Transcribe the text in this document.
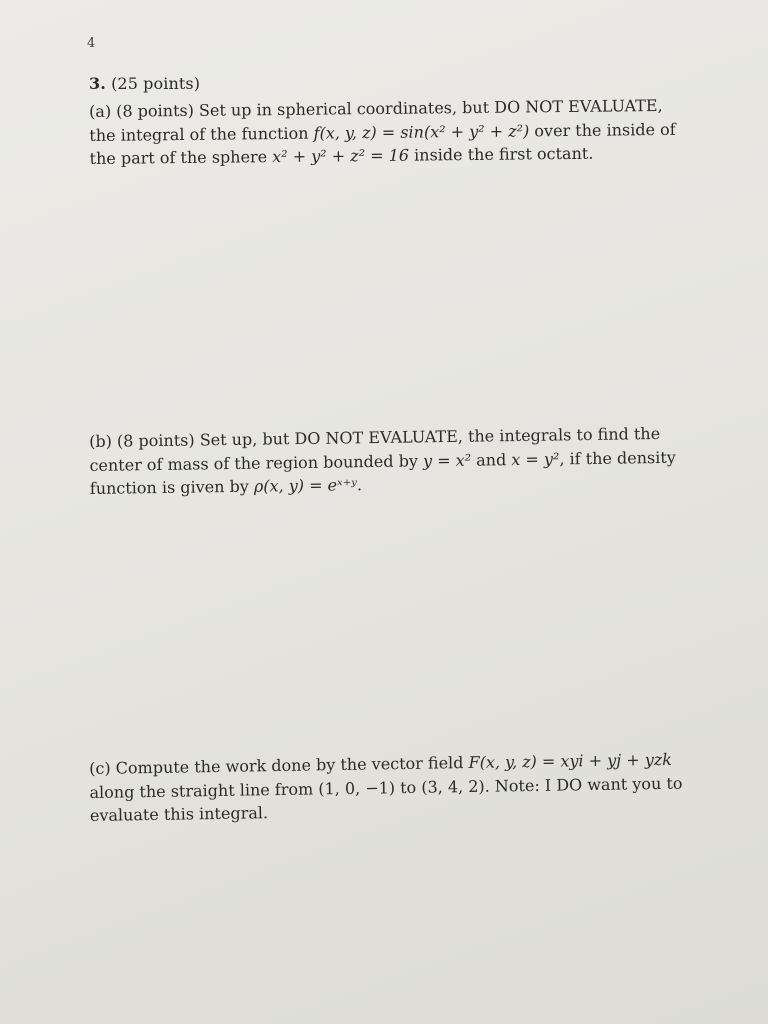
4
3. (25 points)
(a) (8 points) Set up in spherical coordinates, but DO NOT EVALUATE,
the integral of the function f(x, y, z) = sin(x² + y² + z²) over the inside of
the part of the sphere x² + y² + z² = 16 inside the first octant.
(b) (8 points) Set up, but DO NOT EVALUATE, the integrals to find the
center of mass of the region bounded by y = x² and x = y², if the density
function is given by ρ(x, y) = eˣ⁺ʸ.
(c) Compute the work done by the vector field F(x, y, z) = xyi + yj + yzk
along the straight line from (1, 0, −1) to (3, 4, 2). Note: I DO want you to
evaluate this integral.
